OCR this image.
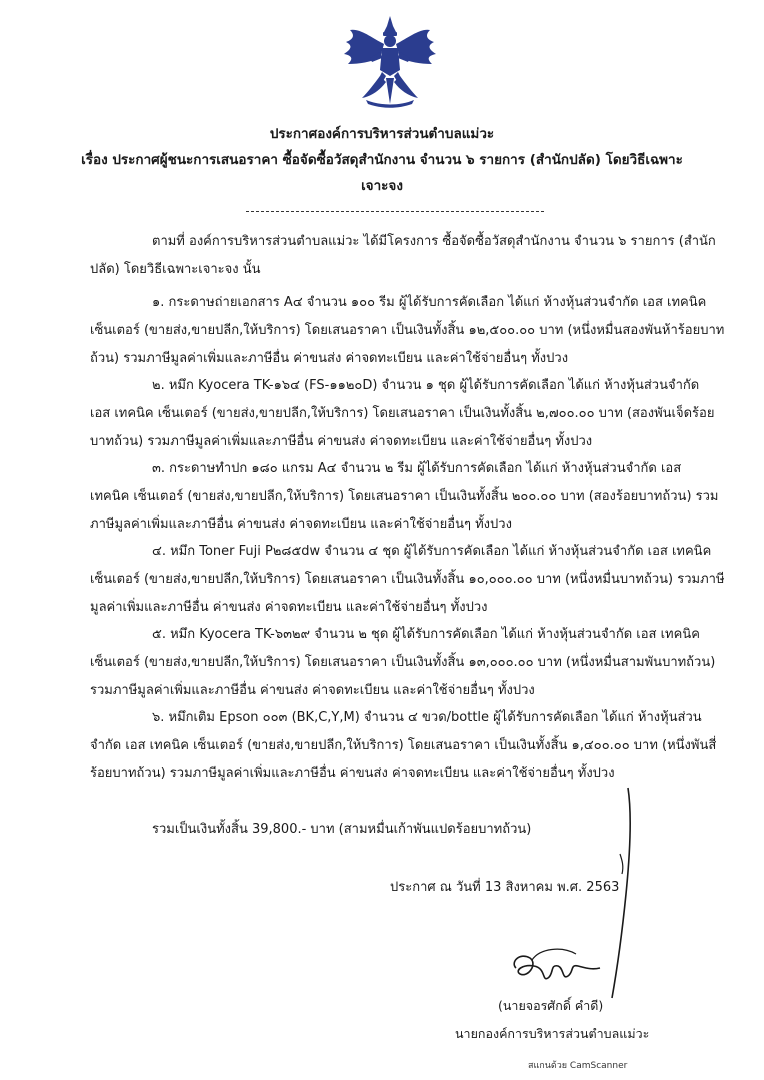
ประกาศองค์การบริหารส่วนตำบลแม่วะ
เรื่อง ประกาศผู้ชนะการเสนอราคา ซื้อจัดซื้อวัสดุสำนักงาน จำนวน ๖ รายการ (สำนักปลัด) โดยวิธีเฉพาะ
เจาะจง
ตามที่ องค์การบริหารส่วนตำบลแม่วะ ได้มีโครงการ ซื้อจัดซื้อวัสดุสำนักงาน จำนวน ๖ รายการ (สำนัก
ปลัด) โดยวิธีเฉพาะเจาะจง นั้น
๑. กระดาษถ่ายเอกสาร A๔ จำนวน ๑๐๐ รีม ผู้ได้รับการคัดเลือก ได้แก่ ห้างหุ้นส่วนจำกัด เอส เทคนิค
เซ็นเตอร์ (ขายส่ง,ขายปลีก,ให้บริการ) โดยเสนอราคา เป็นเงินทั้งสิ้น ๑๒,๕๐๐.๐๐ บาท (หนึ่งหมื่นสองพันห้าร้อยบาท
ถ้วน) รวมภาษีมูลค่าเพิ่มและภาษีอื่น ค่าขนส่ง ค่าจดทะเบียน และค่าใช้จ่ายอื่นๆ ทั้งปวง
๒. หมึก Kyocera TK-๑๖๔ (FS-๑๑๒๐D) จำนวน ๑ ชุด ผู้ได้รับการคัดเลือก ได้แก่ ห้างหุ้นส่วนจำกัด
เอส เทคนิค เซ็นเตอร์ (ขายส่ง,ขายปลีก,ให้บริการ) โดยเสนอราคา เป็นเงินทั้งสิ้น ๒,๗๐๐.๐๐ บาท (สองพันเจ็ดร้อย
บาทถ้วน) รวมภาษีมูลค่าเพิ่มและภาษีอื่น ค่าขนส่ง ค่าจดทะเบียน และค่าใช้จ่ายอื่นๆ ทั้งปวง
๓. กระดาษทำปก ๑๘๐ แกรม A๔ จำนวน ๒ รีม ผู้ได้รับการคัดเลือก ได้แก่ ห้างหุ้นส่วนจำกัด เอส
เทคนิค เซ็นเตอร์ (ขายส่ง,ขายปลีก,ให้บริการ) โดยเสนอราคา เป็นเงินทั้งสิ้น ๒๐๐.๐๐ บาท (สองร้อยบาทถ้วน) รวม
ภาษีมูลค่าเพิ่มและภาษีอื่น ค่าขนส่ง ค่าจดทะเบียน และค่าใช้จ่ายอื่นๆ ทั้งปวง
๔. หมึก Toner Fuji P๒๘๕dw จำนวน ๔ ชุด ผู้ได้รับการคัดเลือก ได้แก่ ห้างหุ้นส่วนจำกัด เอส เทคนิค
เซ็นเตอร์ (ขายส่ง,ขายปลีก,ให้บริการ) โดยเสนอราคา เป็นเงินทั้งสิ้น ๑๐,๐๐๐.๐๐ บาท (หนึ่งหมื่นบาทถ้วน) รวมภาษี
มูลค่าเพิ่มและภาษีอื่น ค่าขนส่ง ค่าจดทะเบียน และค่าใช้จ่ายอื่นๆ ทั้งปวง
๕. หมึก Kyocera TK-๖๓๒๙ จำนวน ๒ ชุด ผู้ได้รับการคัดเลือก ได้แก่ ห้างหุ้นส่วนจำกัด เอส เทคนิค
เซ็นเตอร์ (ขายส่ง,ขายปลีก,ให้บริการ) โดยเสนอราคา เป็นเงินทั้งสิ้น ๑๓,๐๐๐.๐๐ บาท (หนึ่งหมื่นสามพันบาทถ้วน)
รวมภาษีมูลค่าเพิ่มและภาษีอื่น ค่าขนส่ง ค่าจดทะเบียน และค่าใช้จ่ายอื่นๆ ทั้งปวง
๖. หมึกเติม Epson ๐๐๓ (BK,C,Y,M) จำนวน ๔ ขวด/bottle ผู้ได้รับการคัดเลือก ได้แก่ ห้างหุ้นส่วน
จำกัด เอส เทคนิค เซ็นเตอร์ (ขายส่ง,ขายปลีก,ให้บริการ) โดยเสนอราคา เป็นเงินทั้งสิ้น ๑,๔๐๐.๐๐ บาท (หนึ่งพันสี่
ร้อยบาทถ้วน) รวมภาษีมูลค่าเพิ่มและภาษีอื่น ค่าขนส่ง ค่าจดทะเบียน และค่าใช้จ่ายอื่นๆ ทั้งปวง
รวมเป็นเงินทั้งสิ้น 39,800.- บาท (สามหมื่นเก้าพันแปดร้อยบาทถ้วน)
ประกาศ ณ วันที่ 13 สิงหาคม พ.ศ. 2563
(นายจอรศักดิ์ คำดี)
นายกองค์การบริหารส่วนตำบลแม่วะ
สแกนด้วย CamScanner
